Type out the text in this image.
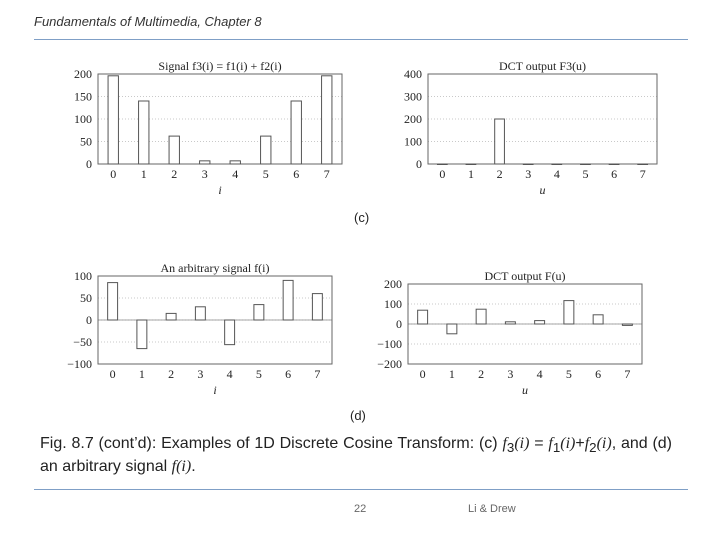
Fundamentals of Multimedia, Chapter 8
Signal f3(i) = f1(i) + f2(i)
0
50
100
150
200
0 1 2 3 4 5 6 7
i
DCT output F3(u)
0
100
200
300
400
0 1 2 3 4 5 6 7
u
(c)
An arbitrary signal f(i)
−100
−50
0
50
100
0 1 2 3 4 5 6 7
i
DCT output F(u)
−200
−100
0
100
200
0 1 2 3 4 5 6 7
u
(d)
Fig. 8.7 (cont’d): Examples of 1D Discrete Cosine Transform: (c) $f_3(i) = f_1(i)+f_2(i)$, and (d) an arbitrary signal f(i).
22	Li & Drew
